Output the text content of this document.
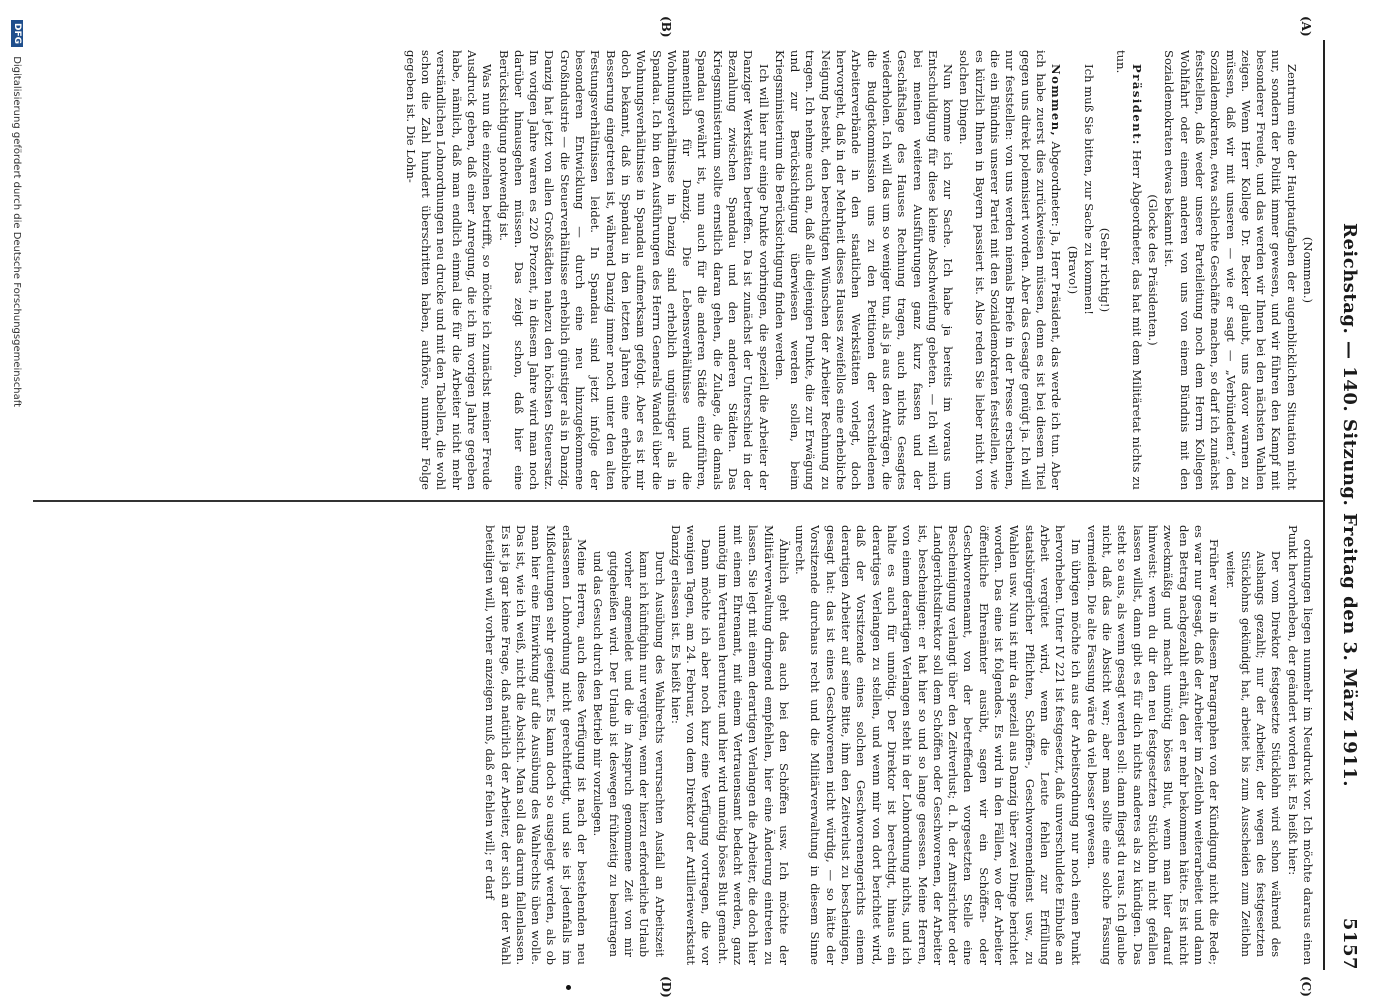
Reichstag. — 140. Sitzung. Freitag den 3. März 1911.
5157
(A)
(B)
(C)
(D)

(Nommen.)

Zentrum eine der Hauptaufgaben der augenblicklichen Situation nicht nur, sondern der Politik immer gewesen, und wir führen den Kampf mit besonderer Freude, und das werden wir Ihnen bei den nächsten Wahlen zeigen. Wenn Herr Kollege Dr. Becker glaubt, uns davor warnen zu müssen, daß wir mit unseren — wie er sagt — „Verbündeten“, den Sozialdemokraten, etwa schlechte Geschäfte machen, so darf ich zunächst feststellen, daß weder unsere Parteileitung noch dem Herrn Kollegen Wohlfahrt oder einem anderen von uns von einem Bündnis mit den Sozialdemokraten etwas bekannt ist.

(Glocke des Präsidenten.)

Präsident: Herr Abgeordneter, das hat mit dem Militäretat nichts zu tun.

(Sehr richtig!)

Ich muß Sie bitten, zur Sache zu kommen!

(Bravo!)

Nommen, Abgeordneter: Ja, Herr Präsident, das werde ich tun. Aber ich habe zuerst dies zurückweisen müssen, denn es ist bei diesem Titel gegen uns direkt polemisiert worden. Aber das Gesagte genügt ja. Ich will nur feststellen: von uns werden niemals Briefe in der Presse erscheinen, die ein Bündnis unserer Partei mit den Sozialdemokraten feststellen, wie es kürzlich Ihnen in Bayern passiert ist. Also reden Sie lieber nicht von solchen Dingen.

Nun komme ich zur Sache. Ich habe ja bereits im voraus um Entschuldigung für diese kleine Abschweifung gebeten. — Ich will mich bei meinen weiteren Ausführungen ganz kurz fassen und der Geschäftslage des Hauses Rechnung tragen, auch nichts Gesagtes wiederholen. Ich will das um so weniger tun, als ja aus den Anträgen, die die Budgetkommission uns zu den Petitionen der verschiedenen Arbeiterverbände in den staatlichen Werkstätten vorlegt, doch hervorgeht, daß in der Mehrheit dieses Hauses zweifellos eine erhebliche Neigung besteht, den berechtigten Wünschen der Arbeiter Rechnung zu tragen. Ich nehme auch an, daß alle diejenigen Punkte, die zur Erwägung und zur Berücksichtigung überwiesen werden sollen, beim Kriegsministerium die Berücksichtigung finden werden.

Ich will hier nur einige Punkte vorbringen, die speziell die Arbeiter der Danziger Werkstätten betreffen. Da ist zunächst der Unterschied in der Bezahlung zwischen Spandau und den anderen Städten. Das Kriegsministerium sollte ernstlich daran gehen, die Zulage, die damals Spandau gewährt ist, nun auch für die anderen Städte einzuführen, namentlich für Danzig. Die Lebensverhältnisse und die Wohnungsverhältnisse in Danzig sind erheblich ungünstiger als in Spandau. Ich bin den Ausführungen des Herrn Generals Wandel über die Wohnungsverhältnisse in Spandau aufmerksam gefolgt. Aber es ist mir doch bekannt, daß in Spandau in den letzten Jahren eine erhebliche Besserung eingetreten ist, während Danzig immer noch unter den alten Festungsverhältnissen leidet. In Spandau sind jetzt infolge der besonderen Entwicklung — durch eine neu hinzugekommene Großindustrie — die Steuerverhältnisse erheblich günstiger als in Danzig. Danzig hat jetzt von allen Großstädten nahezu den höchsten Steuersatz. Im vorigen Jahre waren es 220 Prozent, in diesem Jahre wird man noch darüber hinausgehen müssen. Das zeigt schon, daß hier eine Berücksichtigung notwendig ist.

Was nun die einzelnen betrifft, so möchte ich zunächst meiner Freude Ausdruck geben, daß einer Anregung, die ich im vorigen Jahre gegeben habe, nämlich, daß man endlich einmal die für die Arbeiter nicht mehr verständlichen Lohnordnungen neu drucke und mit den Tabellen, die wohl schon die Zahl hundert überschritten haben, aufhöre, nunmehr Folge gegeben ist. Die Lohn-

ordnungen liegen nunmehr im Neudruck vor. Ich möchte daraus einen Punkt hervorheben, der geändert worden ist. Es heißt hier:

Der vom Direktor festgesetzte Stücklohn wird schon während des Aushangs gezahlt; nur der Arbeiter, der wegen des festgesetzten Stücklohns gekündigt hat, arbeitet bis zum Ausscheiden zum Zeitlohn weiter.

Früher war in diesem Paragraphen von der Kündigung nicht die Rede; es war nur gesagt, daß der Arbeiter im Zeitlohn weiterarbeitet und dann den Betrag nachgezahlt erhält, den er mehr bekommen hätte. Es ist nicht zweckmäßig und macht unnötig böses Blut, wenn man hier darauf hinweist: wenn du dir den neu festgesetzten Stücklohn nicht gefallen lassen willst, dann gibt es für dich nichts anderes als zu kündigen. Das steht so aus, als wenn gesagt werden soll: dann fliegst du raus. Ich glaube nicht, daß das die Absicht war; aber man sollte eine solche Fassung vermeiden. Die alte Fassung wäre da viel besser gewesen.

Im übrigen möchte ich aus der Arbeitsordnung nur noch einen Punkt hervorheben. Unter IV 221 ist festgesetzt, daß unverschuldete Einbuße an Arbeit vergütet wird, wenn die Leute fehlen zur Erfüllung staatsbürgerlicher Pflichten, Schöffen-, Geschworenendienst usw., zu Wahlen usw. Nun ist mir da speziell aus Danzig über zwei Dinge berichtet worden. Das eine ist folgendes. Es wird in den Fällen, wo der Arbeiter öffentliche Ehrenämter ausübt, sagen wir ein Schöffen- oder Geschworenenamt, von der betreffenden vorgesetzten Stelle eine Bescheinigung verlangt über den Zeitverlust; d. h. der Amtsrichter oder Landgerichtsdirektor soll dem Schöffen oder Geschworenen, der Arbeiter ist, bescheinigen: er hat hier so und so lange gesessen. Meine Herren, von einem derartigen Verlangen steht in der Lohnordnung nichts, und ich halte es auch für unnötig. Der Direktor ist berechtigt, hinaus ein derartiges Verlangen zu stellen, und wenn mir von dort berichtet wird, daß der Vorsitzende eines solchen Geschworenengerichts einem derartigen Arbeiter auf seine Bitte, ihm den Zeitverlust zu bescheinigen, gesagt hat: das ist eines Geschworenen nicht würdig, — so hätte der Vorsitzende durchaus recht und die Militärverwaltung in diesem Sinne unrecht.

Ähnlich geht das auch bei den Schöffen usw. Ich möchte der Militärverwaltung dringend empfehlen, hier eine Änderung eintreten zu lassen. Sie legt mit einem derartigen Verlangen die Arbeiter, die doch hier mit einem Ehrenamt, mit einem Vertrauensamt bedacht werden, ganz unnötig im Vertrauen herunter, und hier wird unnötig böses Blut gemacht.

Dann möchte ich aber noch kurz eine Verfügung vortragen, die vor wenigen Tagen, am 24. Februar, von dem Direktor der Artilleriewerkstatt Danzig erlassen ist. Es heißt hier:

Durch Ausübung des Wahlrechts verursachten Ausfall an Arbeitszeit kann ich künftighin nur vergüten, wenn der hierzu erforderliche Urlaub vorher angemeldet und die in Anspruch genommene Zeit von mir gutgeheißen wird. Der Urlaub ist deswegen frühzeitig zu beantragen und das Gesuch durch den Betrieb mir vorzulegen.

Meine Herren, auch diese Verfügung ist nach der bestehenden neu erlassenen Lohnordnung nicht gerechtfertigt, und sie ist jedenfalls im Mißdeutungen sehr geeignet. Es kann doch so ausgelegt werden, als ob man hier eine Einwirkung auf die Ausübung des Wahlrechts üben wolle. Das ist, wie ich weiß, nicht die Absicht. Man soll das darum fallenlassen. Es ist ja gar keine Frage, daß natürlich der Arbeiter, der sich an der Wahl beteiligen will, vorher anzeigen muß, daß er fehlen will; er darf

DFG Digitalisierung gefördert durch die Deutsche Forschungsgemeinschaft
